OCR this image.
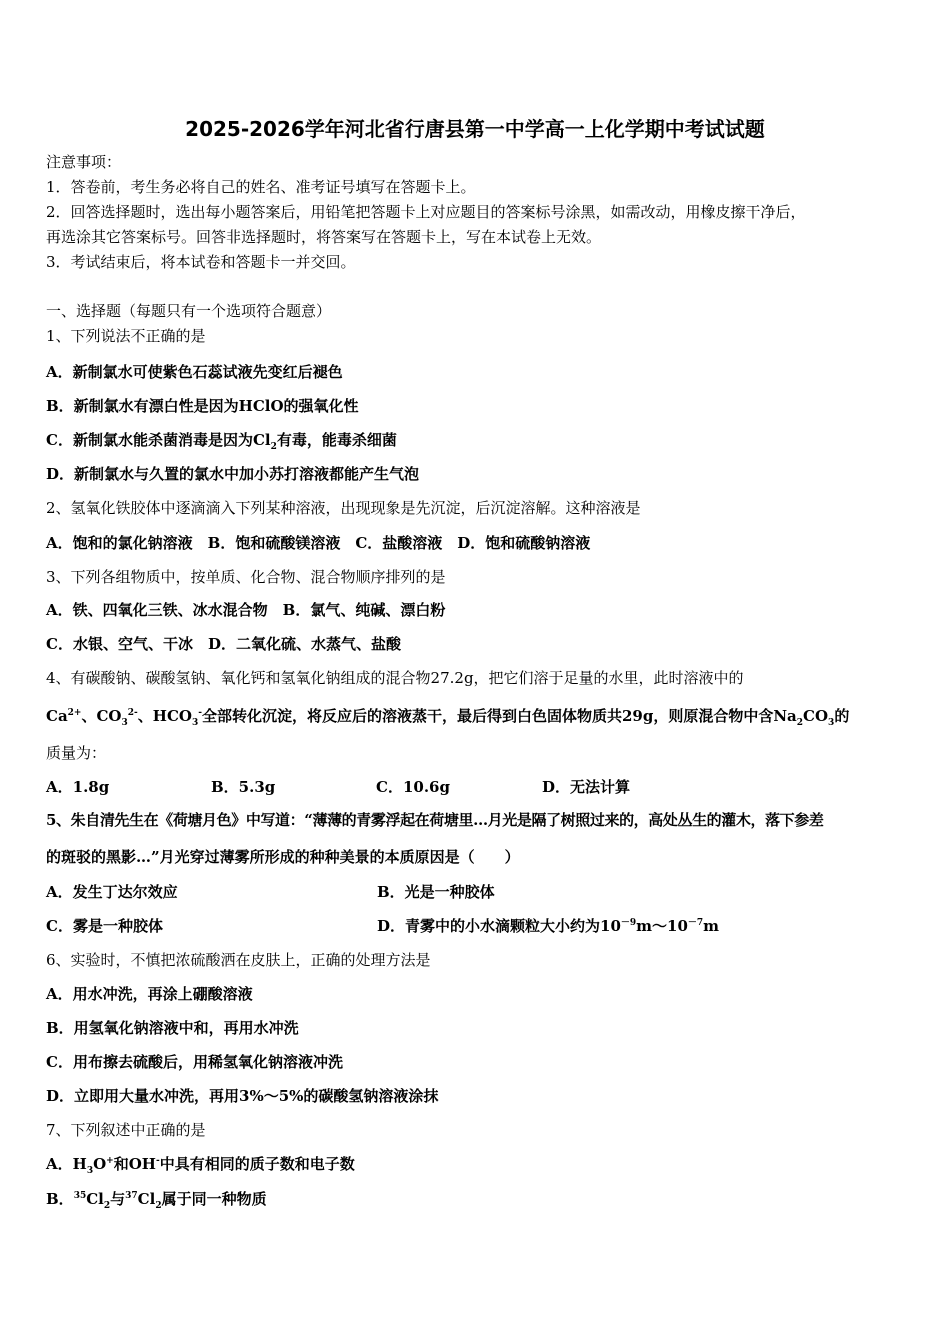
2025-2026学年河北省行唐县第一中学高一上化学期中考试试题
注意事项：
1．答卷前，考生务必将自己的姓名、准考证号填写在答题卡上。
2．回答选择题时，选出每小题答案后，用铅笔把答题卡上对应题目的答案标号涂黑，如需改动，用橡皮擦干净后，
再选涂其它答案标号。回答非选择题时，将答案写在答题卡上，写在本试卷上无效。
3．考试结束后，将本试卷和答题卡一并交回。
一、选择题（每题只有一个选项符合题意）
1、下列说法不正确的是
A．新制氯水可使紫色石蕊试液先变红后褪色
B．新制氯水有漂白性是因为HClO的强氧化性
C．新制氯水能杀菌消毒是因为$Cl_2$有毒，能毒杀细菌
D．新制氯水与久置的氯水中加小苏打溶液都能产生气泡
2、氢氧化铁胶体中逐滴滴入下列某种溶液，出现现象是先沉淀，后沉淀溶解。这种溶液是
A．饱和的氯化钠溶液　B．饱和硫酸镁溶液　C．盐酸溶液　D．饱和硫酸钠溶液
3、下列各组物质中，按单质、化合物、混合物顺序排列的是
A．铁、四氧化三铁、冰水混合物　B．氯气、纯碱、漂白粉
C．水银、空气、干冰　D．二氧化硫、水蒸气、盐酸
4、有碳酸钠、碳酸氢钠、氧化钙和氢氧化钠组成的混合物27.2g，把它们溶于足量的水里，此时溶液中的
$Ca^{2+}$、$CO_3^{2-}$、$HCO_3^-$全部转化沉淀，将反应后的溶液蒸干，最后得到白色固体物质共29g，则原混合物中含$Na_2CO_3$的
质量为：
A．1.8g	B．5.3g	C．10.6g	D．无法计算
5、朱自清先生在《荷塘月色》中写道：“薄薄的青雾浮起在荷塘里…月光是隔了树照过来的，高处丛生的灌木，落下参差
的斑驳的黑影…”月光穿过薄雾所形成的种种美景的本质原因是（　　）
A．发生丁达尔效应	B．光是一种胶体
C．雾是一种胶体	D．青雾中的小水滴颗粒大小约为$10^{-9}m\sim 10^{-7}m$
6、实验时，不慎把浓硫酸洒在皮肤上，正确的处理方法是
A．用水冲洗，再涂上硼酸溶液
B．用氢氧化钠溶液中和，再用水冲洗
C．用布擦去硫酸后，用稀氢氧化钠溶液冲洗
D．立即用大量水冲洗，再用3%～5%的碳酸氢钠溶液涂抹
7、下列叙述中正确的是
A．$H_3O^+$和OH-中具有相同的质子数和电子数
B．$^{35}Cl_2$与$^{37}Cl_2$属于同一种物质
